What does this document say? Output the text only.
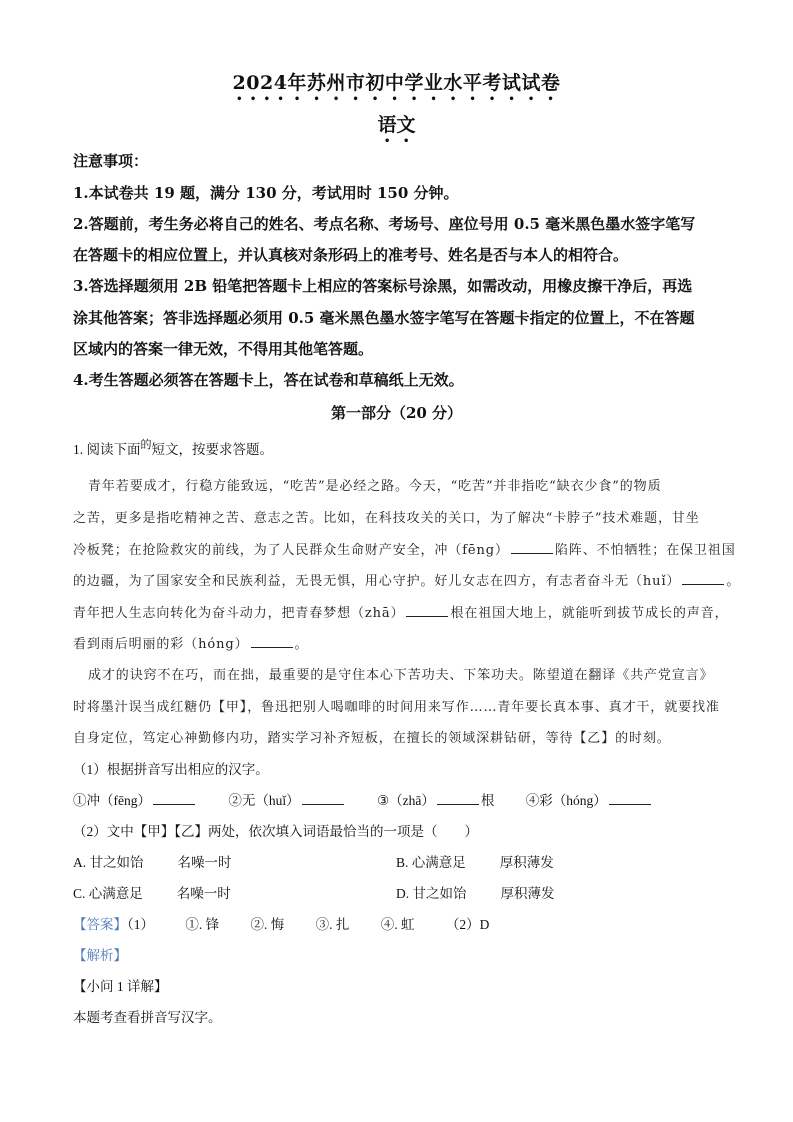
2024年苏州市初中学业水平考试试卷
语文
注意事项：
1.本试卷共 19 题，满分 130 分，考试用时 150 分钟。
2.答题前，考生务必将自己的姓名、考点名称、考场号、座位号用 0.5 毫米黑色墨水签字笔写
在答题卡的相应位置上，并认真核对条形码上的准考号、姓名是否与本人的相符合。
3.答选择题须用 2B 铅笔把答题卡上相应的答案标号涂黑，如需改动，用橡皮擦干净后，再选
涂其他答案；答非选择题必须用 0.5 毫米黑色墨水签字笔写在答题卡指定的位置上，不在答题
区域内的答案一律无效，不得用其他笔答题。
4.考生答题必须答在答题卡上，答在试卷和草稿纸上无效。
第一部分（20 分）
1. 阅读下面$^的$短文，按要求答题。
青年若要成才，行稳方能致远，“吃苦”是必经之路。今天，“吃苦”并非指吃“缺衣少食”的物质
之苦，更多是指吃精神之苦、意志之苦。比如，在科技攻关的关口，为了解决“卡脖子”技术难题，甘坐
冷板凳；在抢险救灾的前线，为了人民群众生命财产安全，冲（fēng）	陷阵、不怕牺牲；在保卫祖国
的边疆，为了国家安全和民族利益，无畏无惧，用心守护。好儿女志在四方，有志者奋斗无（huǐ）	。
青年把人生志向转化为奋斗动力，把青春梦想（zhā）	根在祖国大地上，就能听到拔节成长的声音，
看到雨后明丽的彩（hóng）	。
成才的诀窍不在巧，而在拙，最重要的是守住本心下苦功夫、下笨功夫。陈望道在翻译《共产党宣言》
时将墨汁误当成红糖仍【甲】，鲁迅把别人喝咖啡的时间用来写作……青年要长真本事、真才干，就要找准
自身定位，笃定心神勤修内功，踏实学习补齐短板，在擅长的领域深耕钻研，等待【乙】的时刻。
（1）根据拼音写出相应的汉字。
①冲（fēng）	②无（huǐ）	③（zhā）	根 ④彩（hóng）
（2）文中【甲】【乙】两处，依次填入词语最恰当的一项是（　　）
A. 甘之如饴	名噪一时	B. 心满意足	厚积薄发
C. 心满意足	名噪一时	D. 甘之如饴	厚积薄发
【答案】（1） ①. 锋 ②. 悔 ③. 扎 ④. 虹 （2）D
【解析】
【小问 1 详解】
本题考查看拼音写汉字。
